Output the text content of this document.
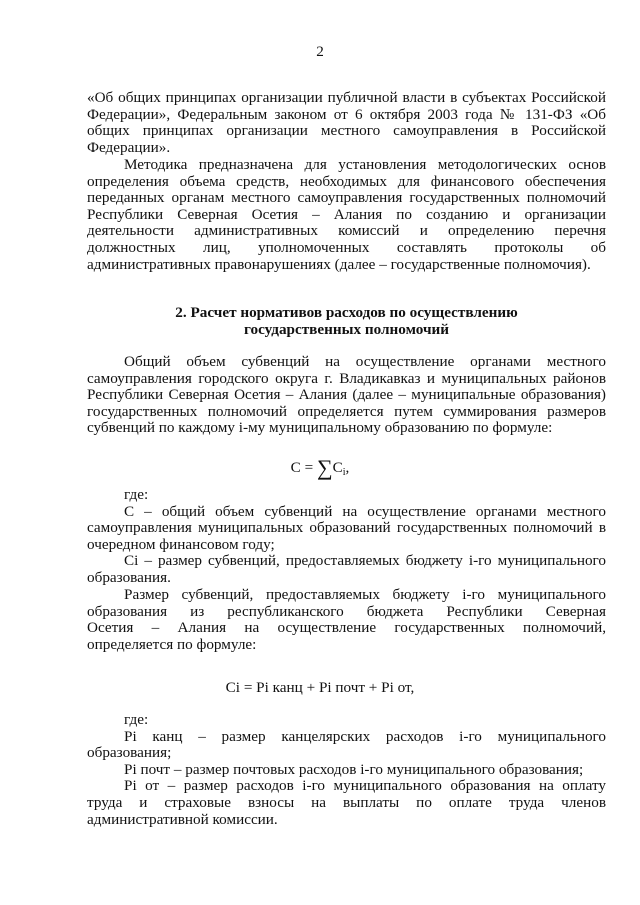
2
«Об общих принципах организации публичной власти в субъектах Российской
Федерации», Федеральным законом от 6 октября 2003 года № 131-ФЗ «Об
общих принципах организации местного самоуправления в Российской
Федерации».
Методика предназначена для установления методологических основ
определения объема средств, необходимых для финансового обеспечения
переданных органам местного самоуправления государственных полномочий
Республики Северная Осетия – Алания по созданию и организации
деятельности административных комиссий и определению перечня
должностных лиц, уполномоченных составлять протоколы об
административных правонарушениях (далее – государственные полномочия).
2. Расчет нормативов расходов по осуществлению
государственных полномочий
Общий объем субвенций на осуществление органами местного
самоуправления городского округа г. Владикавказ и муниципальных районов
Республики Северная Осетия – Алания (далее – муниципальные образования)
государственных полномочий определяется путем суммирования размеров
субвенций по каждому i-му муниципальному образованию по формуле:
$C = \sum C_i$,
где:
С – общий объем субвенций на осуществление органами местного
самоуправления муниципальных образований государственных полномочий в
очередном финансовом году;
Сi – размер субвенций, предоставляемых бюджету i-го муниципального
образования.
Размер субвенций, предоставляемых бюджету i-го муниципального
образования из республиканского бюджета Республики Северная
Осетия – Алания на осуществление государственных полномочий,
определяется по формуле:
Сi = Рi канц + Рi почт + Рi от,
где:
Рi канц – размер канцелярских расходов i-го муниципального
образования;
Рi почт – размер почтовых расходов i-го муниципального образования;
Рi от – размер расходов i-го муниципального образования на оплату
труда и страховые взносы на выплаты по оплате труда членов
административной комиссии.
